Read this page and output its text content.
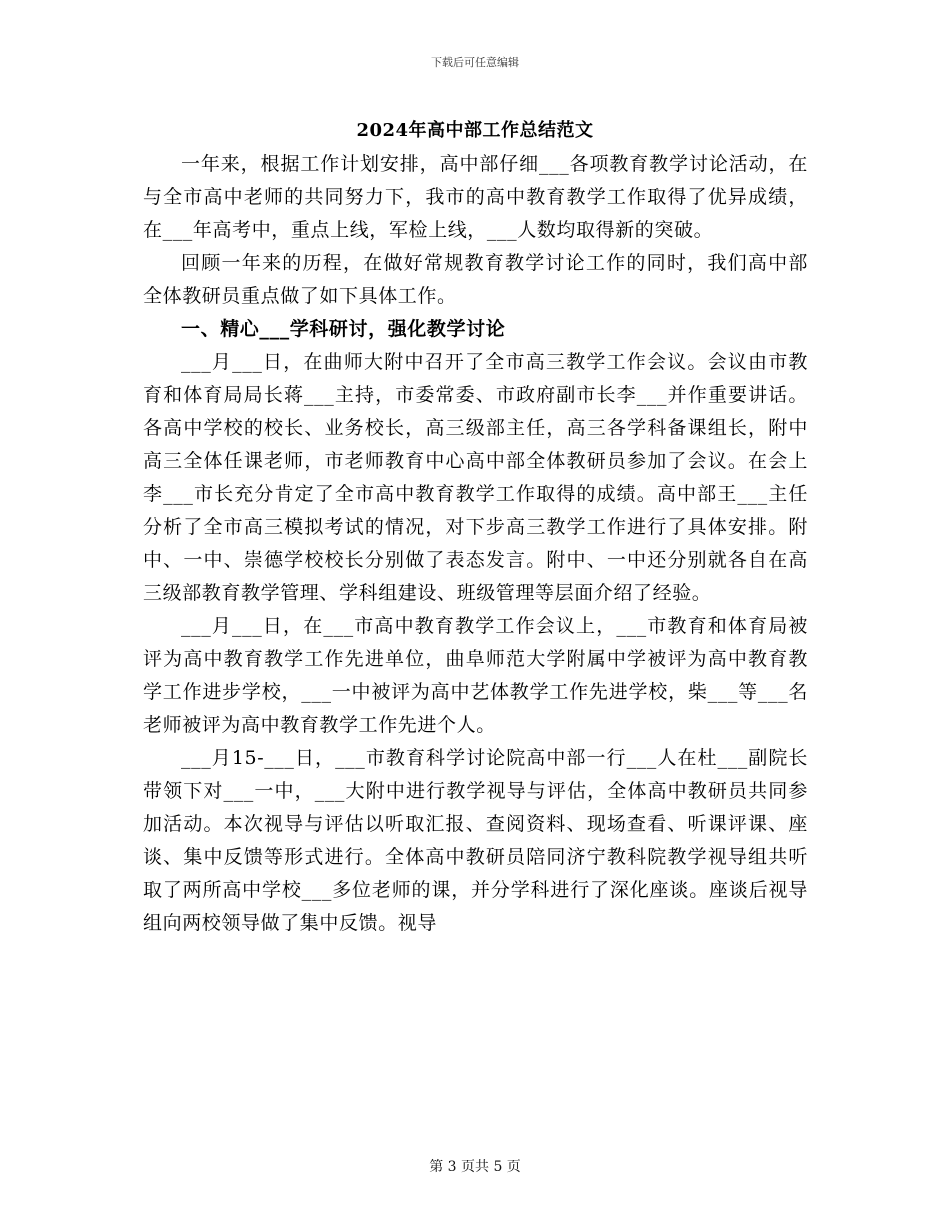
下载后可任意编辑
2024年高中部工作总结范文

一年来，根据工作计划安排，高中部仔细___各项教育教学讨论活动，在与全市高中老师的共同努力下，我市的高中教育教学工作取得了优异成绩，在___年高考中，重点上线，军检上线，___人数均取得新的突破。

回顾一年来的历程，在做好常规教育教学讨论工作的同时，我们高中部全体教研员重点做了如下具体工作。

一、精心___学科研讨，强化教学讨论

___月___日，在曲师大附中召开了全市高三教学工作会议。会议由市教育和体育局局长蒋___主持，市委常委、市政府副市长李___并作重要讲话。各高中学校的校长、业务校长，高三级部主任，高三各学科备课组长，附中高三全体任课老师，市老师教育中心高中部全体教研员参加了会议。在会上李___市长充分肯定了全市高中教育教学工作取得的成绩。高中部王___主任分析了全市高三模拟考试的情况，对下步高三教学工作进行了具体安排。附中、一中、崇德学校校长分别做了表态发言。附中、一中还分别就各自在高三级部教育教学管理、学科组建设、班级管理等层面介绍了经验。

___月___日，在___市高中教育教学工作会议上，___市教育和体育局被评为高中教育教学工作先进单位，曲阜师范大学附属中学被评为高中教育教学工作进步学校，___一中被评为高中艺体教学工作先进学校，柴___等___名老师被评为高中教育教学工作先进个人。

___月15-___日，___市教育科学讨论院高中部一行___人在杜___副院长带领下对___一中，___大附中进行教学视导与评估，全体高中教研员共同参加活动。本次视导与评估以听取汇报、查阅资料、现场查看、听课评课、座谈、集中反馈等形式进行。全体高中教研员陪同济宁教科院教学视导组共听取了两所高中学校___多位老师的课，并分学科进行了深化座谈。座谈后视导组向两校领导做了集中反馈。视导

第 3 页共 5 页
